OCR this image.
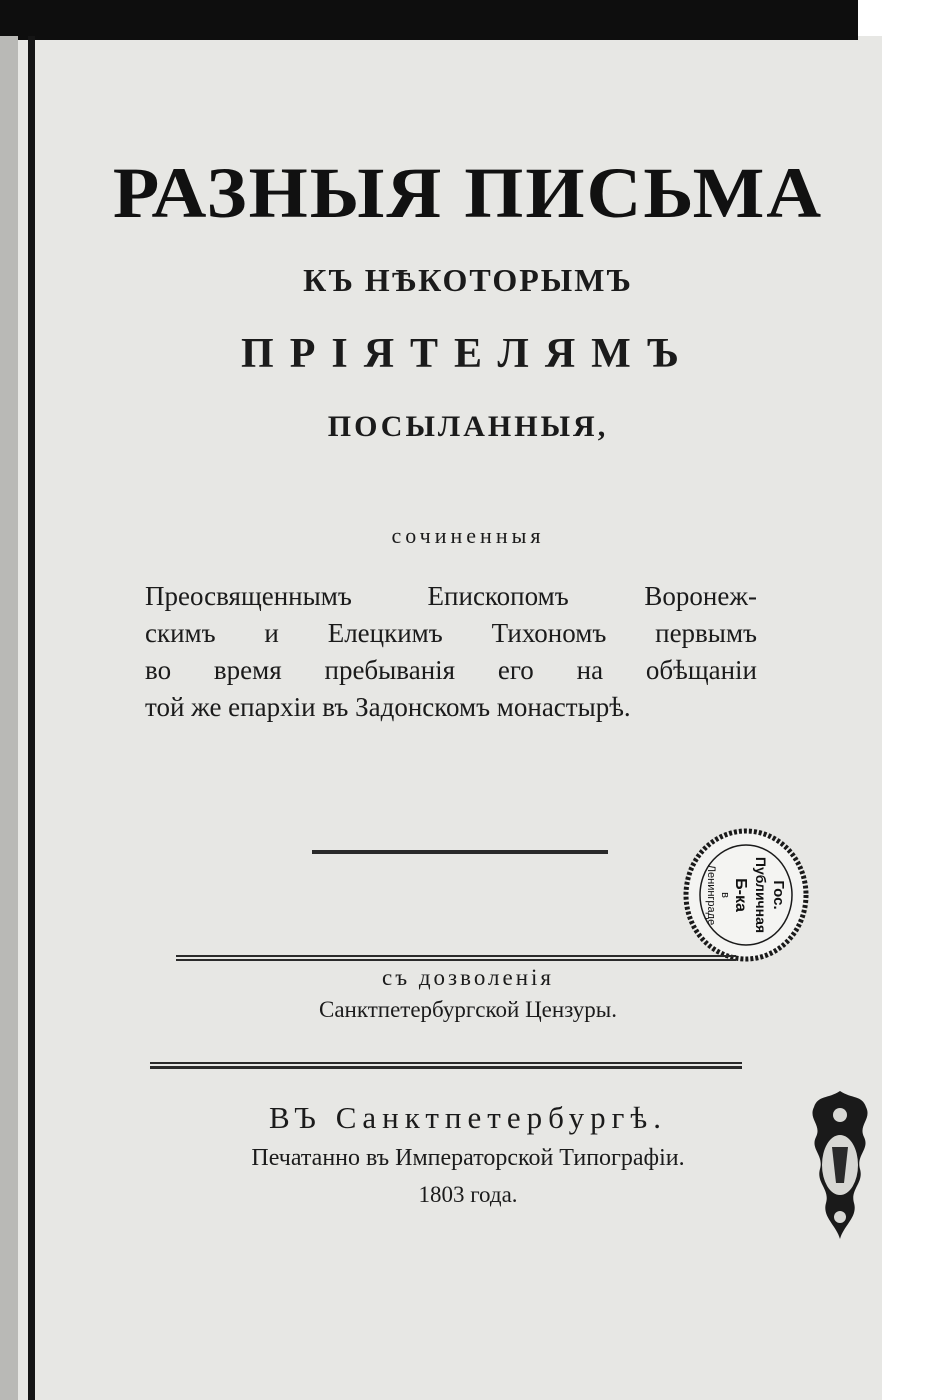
РАЗНЫЯ ПИСЬМА
КЪ НѢКОТОРЫМЪ
ПРІЯТЕЛЯМЪ
ПОСЫЛАННЫЯ,
сочиненныя
Преосвященнымъ Епископомъ Воронеж-
скимъ и Елецкимъ Тихономъ первымъ
во время пребыванія его на обѣщаніи
той же епархіи въ Задонскомъ монастырѣ.
Гос.
Публичная
Б-ка
в
Ленинграде
съ дозволенія
Санктпетербургской Цензуры.
ВЪ Санктпетербургѣ.
Печатанно въ Императорской Типографіи.
1803 года.
